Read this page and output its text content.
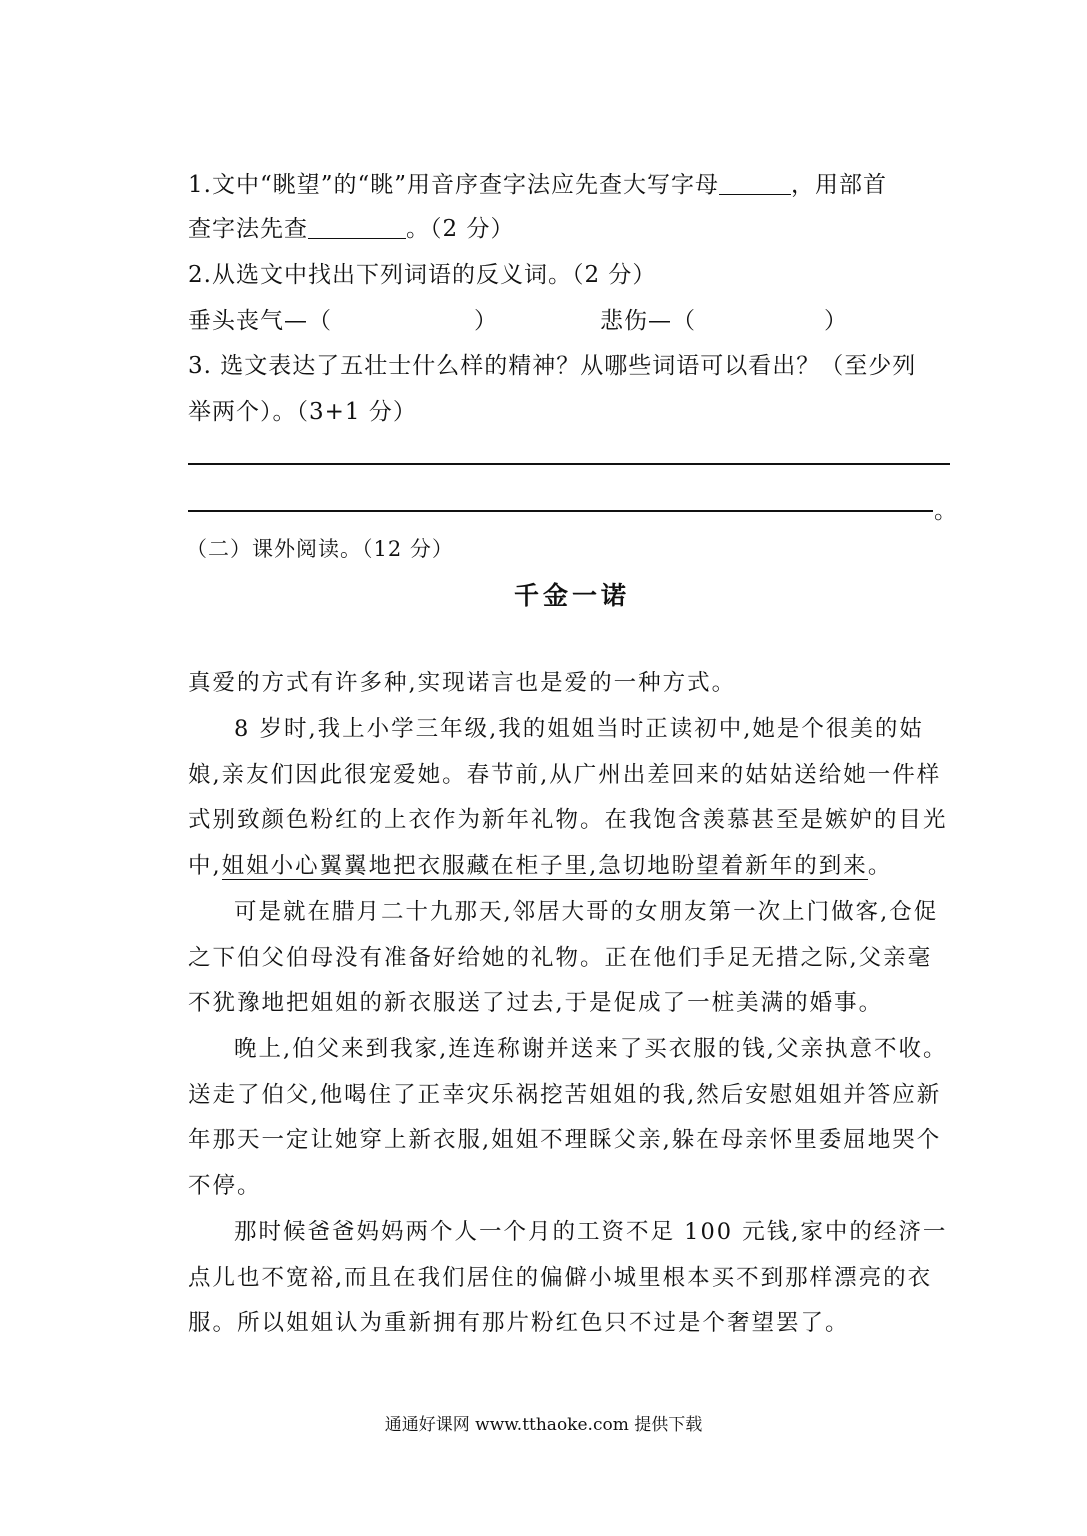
1.文中“眺望”的“眺”用音序查字法应先查大写字母	，用部首
查字法先查	。（2 分）
2.从选文中找出下列词语的反义词。（2 分）
垂头丧气—（	）	悲伤—（	）
3. 选文表达了五壮士什么样的精神？从哪些词语可以看出？（至少列
举两个）。（3+1 分）
。
（二）课外阅读。（12 分）
千金一诺
真爱的方式有许多种,实现诺言也是爱的一种方式。
8 岁时,我上小学三年级,我的姐姐当时正读初中,她是个很美的姑娘,亲友们因此很宠爱她。春节前,从广州出差回来的姑姑送给她一件样式别致颜色粉红的上衣作为新年礼物。在我饱含羡慕甚至是嫉妒的目光中,姐姐小心翼翼地把衣服藏在柜子里,急切地盼望着新年的到来。
可是就在腊月二十九那天,邻居大哥的女朋友第一次上门做客,仓促之下伯父伯母没有准备好给她的礼物。正在他们手足无措之际,父亲毫不犹豫地把姐姐的新衣服送了过去,于是促成了一桩美满的婚事。
晚上,伯父来到我家,连连称谢并送来了买衣服的钱,父亲执意不收。送走了伯父,他喝住了正幸灾乐祸挖苦姐姐的我,然后安慰姐姐并答应新年那天一定让她穿上新衣服,姐姐不理睬父亲,躲在母亲怀里委屈地哭个不停。
那时候爸爸妈妈两个人一个月的工资不足 100 元钱,家中的经济一点儿也不宽裕,而且在我们居住的偏僻小城里根本买不到那样漂亮的衣服。所以姐姐认为重新拥有那片粉红色只不过是个奢望罢了。
通通好课网 www.tthaoke.com 提供下载
